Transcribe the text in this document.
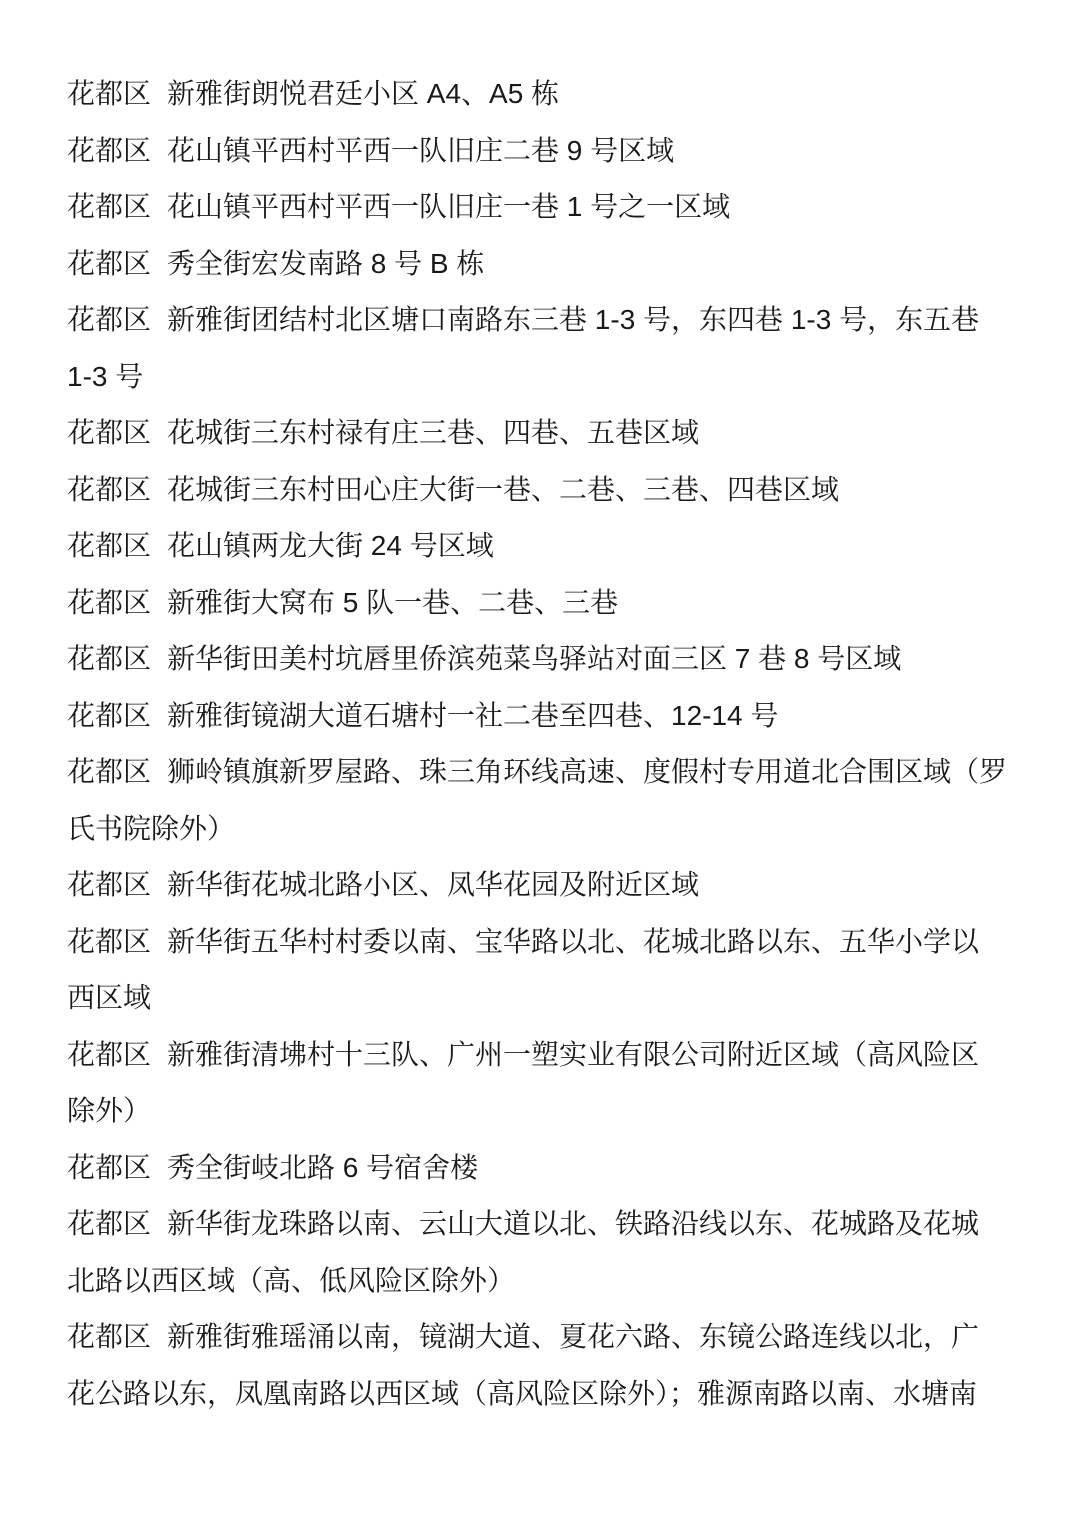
花都区 新雅街朗悦君廷小区 A4、A5 栋
花都区 花山镇平西村平西一队旧庄二巷 9 号区域
花都区 花山镇平西村平西一队旧庄一巷 1 号之一区域
花都区 秀全街宏发南路 8 号 B 栋
花都区 新雅街团结村北区塘口南路东三巷 1-3 号，东四巷 1-3 号，东五巷
1-3 号
花都区 花城街三东村禄有庄三巷、四巷、五巷区域
花都区 花城街三东村田心庄大街一巷、二巷、三巷、四巷区域
花都区 花山镇两龙大街 24 号区域
花都区 新雅街大窝布 5 队一巷、二巷、三巷
花都区 新华街田美村坑唇里侨滨苑菜鸟驿站对面三区 7 巷 8 号区域
花都区 新雅街镜湖大道石塘村一社二巷至四巷、12-14 号
花都区 狮岭镇旗新罗屋路、珠三角环线高速、度假村专用道北合围区域（罗
氏书院除外）
花都区 新华街花城北路小区、凤华花园及附近区域
花都区 新华街五华村村委以南、宝华路以北、花城北路以东、五华小学以
西区域
花都区 新雅街清坲村十三队、广州一塑实业有限公司附近区域（高风险区
除外）
花都区 秀全街岐北路 6 号宿舍楼
花都区 新华街龙珠路以南、云山大道以北、铁路沿线以东、花城路及花城
北路以西区域（高、低风险区除外）
花都区 新雅街雅瑶涌以南，镜湖大道、夏花六路、东镜公路连线以北，广
花公路以东，凤凰南路以西区域（高风险区除外）；雅源南路以南、水塘南
